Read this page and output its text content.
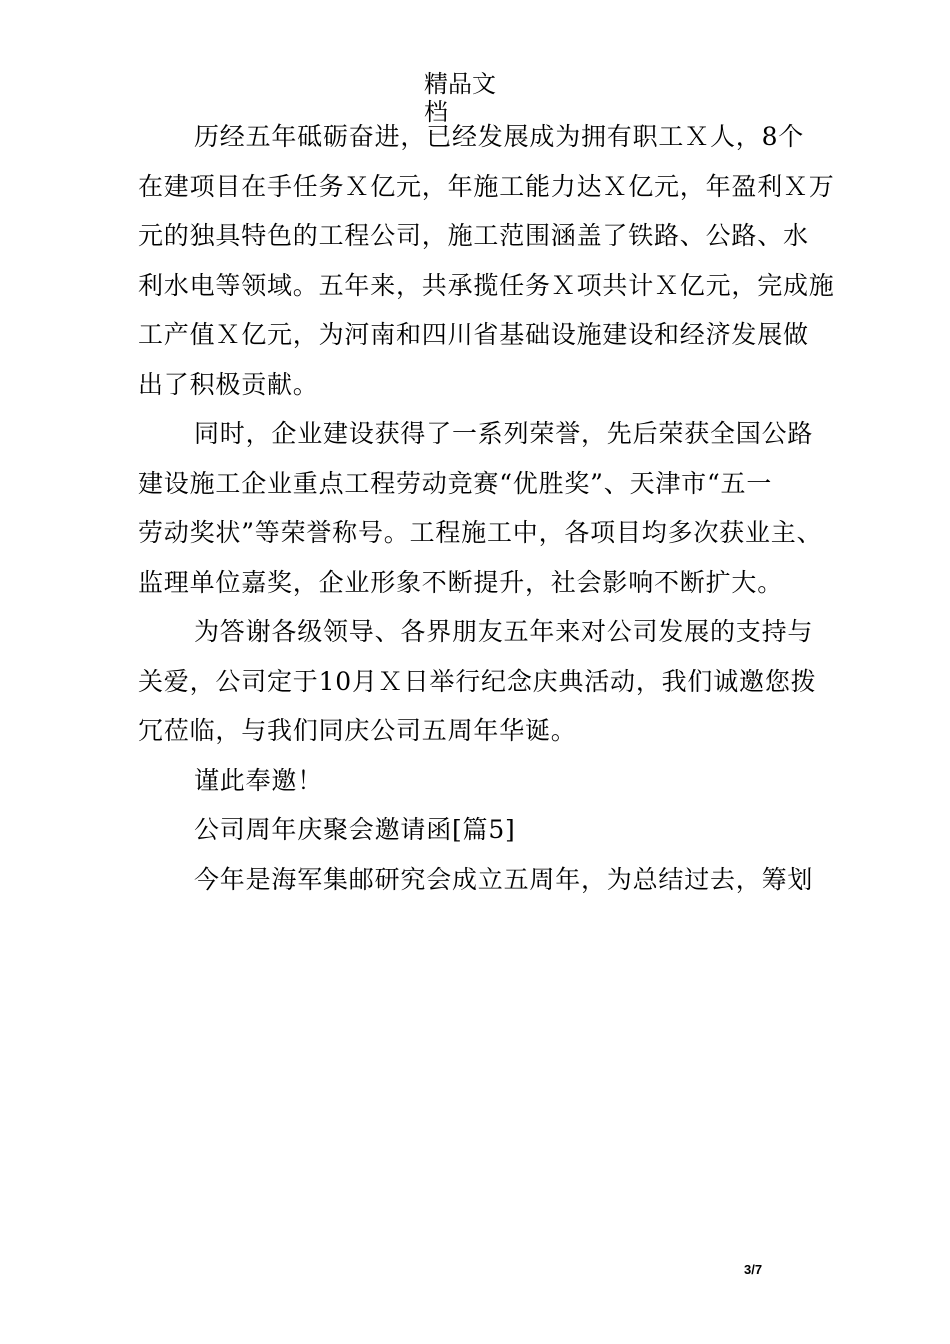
精品文
档
历经五年砥砺奋进，已经发展成为拥有职工Ｘ人，8个
在建项目在手任务Ｘ亿元，年施工能力达Ｘ亿元，年盈利Ｘ万
元的独具特色的工程公司，施工范围涵盖了铁路、公路、水
利水电等领域。五年来，共承揽任务Ｘ项共计Ｘ亿元，完成施
工产值Ｘ亿元，为河南和四川省基础设施建设和经济发展做
出了积极贡献。
同时，企业建设获得了一系列荣誉，先后荣获全国公路
建设施工企业重点工程劳动竞赛“优胜奖”、天津市“五一
劳动奖状”等荣誉称号。工程施工中，各项目均多次获业主、
监理单位嘉奖，企业形象不断提升，社会影响不断扩大。
为答谢各级领导、各界朋友五年来对公司发展的支持与
关爱，公司定于10月Ｘ日举行纪念庆典活动，我们诚邀您拨
冗莅临，与我们同庆公司五周年华诞。
谨此奉邀！
公司周年庆聚会邀请函[篇5]
今年是海军集邮研究会成立五周年，为总结过去，筹划
3/7
